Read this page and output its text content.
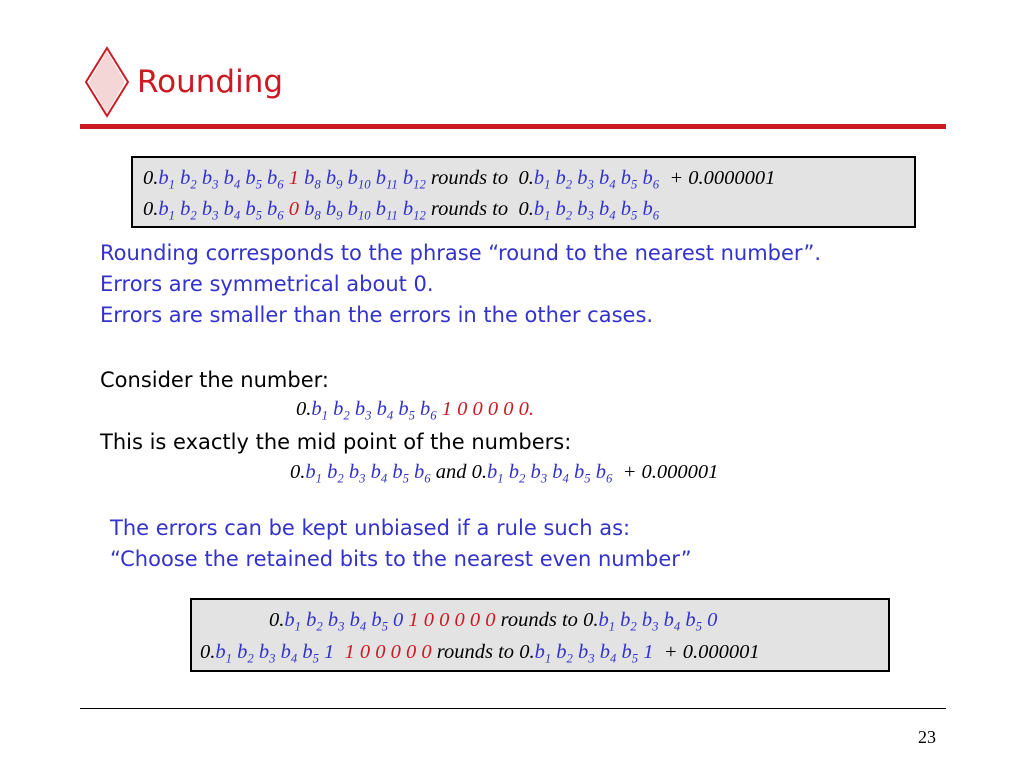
Rounding
$0.b_1$ $b_2$ $b_3$ $b_4$ $b_5$ $b_6$ 1 $b_8$ $b_9$ $b_{10}$ $b_{11}$ $b_{12}$ rounds to $0.b_1$ $b_2$ $b_3$ $b_4$ $b_5$ $b_6 + 0.0000001$
$0.b_1$ $b_2$ $b_3$ $b_4$ $b_5$ $b_6$ 0 $b_8$ $b_9$ $b_{10}$ $b_{11}$ $b_{12}$ rounds to $0.b_1$ $b_2$ $b_3$ $b_4$ $b_5$ $b_6$
Rounding corresponds to the phrase “round to the nearest number”.
Errors are symmetrical about 0.
Errors are smaller than the errors in the other cases.
Consider the number:
$0.b_1$ $b_2$ $b_3$ $b_4$ $b_5$ $b_6$ 1 0 0 0 0 0.
This is exactly the mid point of the numbers:
$0.b_1$ $b_2$ $b_3$ $b_4$ $b_5$ $b_6$ and $0.b_1$ $b_2$ $b_3$ $b_4$ $b_5$ $b_6 + 0.000001$
The errors can be kept unbiased if a rule such as:
“Choose the retained bits to the nearest even number”
$0.b_1$ $b_2$ $b_3$ $b_4$ $b_5$ 0 1 0 0 0 0 0 rounds to $0.b_1$ $b_2$ $b_3$ $b_4$ $b_5$ 0
$0.b_1$ $b_2$ $b_3$ $b_4$ $b_5$ 1 1 0 0 0 0 0 rounds to $0.b_1$ $b_2$ $b_3$ $b_4$ $b_5$ 1 + 0.000001
23
